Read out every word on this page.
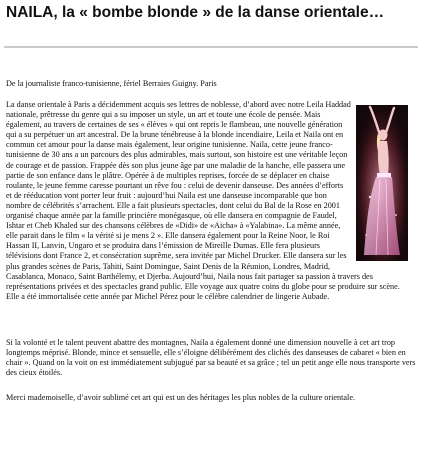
NAILA, la « bombe blonde » de la danse orientale…

De la journaliste franco-tunisienne, fériel Berraies Guigny. Paris

La danse orientale à Paris a décidemment acquis ses lettres de noblesse, d’abord avec notre Leila Haddad nationale, prêtresse du genre qui a su imposer un style, un art et toute une école de pensée. Mais également, au travers de certaines de ses « élèves » qui ont repris le flambeau, une nouvelle génération qui a su perpétuer un art ancestral. De la brune ténébreuse à la blonde incendiaire, Leila et Naila ont en commun cet amour pour la danse mais également, leur origine tunisienne. Naila, cette jeune franco-tunisienne de 30 ans a un parcours des plus admirables, mais surtout, son histoire est une véritable leçon de courage et de passion. Frappée dès son plus jeune âge par une maladie de la hanche, elle passera une partie de son enfance dans le plâtre. Opérée à de multiples reprises, forcée de se déplacer en chaise roulante, le jeune femme caresse pourtant un rêve fou : celui de devenir danseuse. Des années d’efforts et de rééducation vont porter leur fruit : aujourd’hui Naila est une danseuse incomparable que bon nombre de célébrités s’arrachent. Elle a fait plusieurs spectacles, dont celui du Bal de la Rose en 2001 organisé chaque année par la famille princière monégasque, où elle dansera en compagnie de Faudel, Ishtar et Cheb Khaled sur des chansons célèbres de «Didi» de «Aicha» à «Yalabina». La même année, elle parait dans le film « la vérité si je mens 2 ». Elle dansera également pour la Reine Noor, le Roi Hassan II, Lanvin, Ungaro et se produira dans l’émission de Mireille Dumas. Elle fera plusieurs télévisions dont France 2, et consécration suprême, sera invitée par Michel Drucker. Elle dansera sur les plus grandes scènes de Paris, Tahiti, Saint Domingue, Saint Denis de la Réunion, Londres, Madrid, Casablanca, Monaco, Saint Barthélemy, et Djerba. Aujourd’hui, Naila nous fait partager sa passion à travers des représentations privées et des spectacles grand public. Elle voyage aux quatre coins du globe pour se produire sur scène. Elle a été immortalisée cette année par Michel Pérez pour le célèbre calendrier de lingerie Aubade.

Si la volonté et le talent peuvent abattre des montagnes, Naila a également donné une dimension nouvelle à cet art trop longtemps méprisé. Blonde, mince et sensuelle, elle s’éloigne délibérément des clichés des danseuses de cabaret « bien en chair ». Quand on la voit on est immédiatement subjugué par sa beauté et sa grâce ; tel un petit ange elle nous transporte vers des cieux étoilés.

Merci mademoiselle, d’avoir sublimé cet art qui est un des héritages les plus nobles de la culture orientale.
